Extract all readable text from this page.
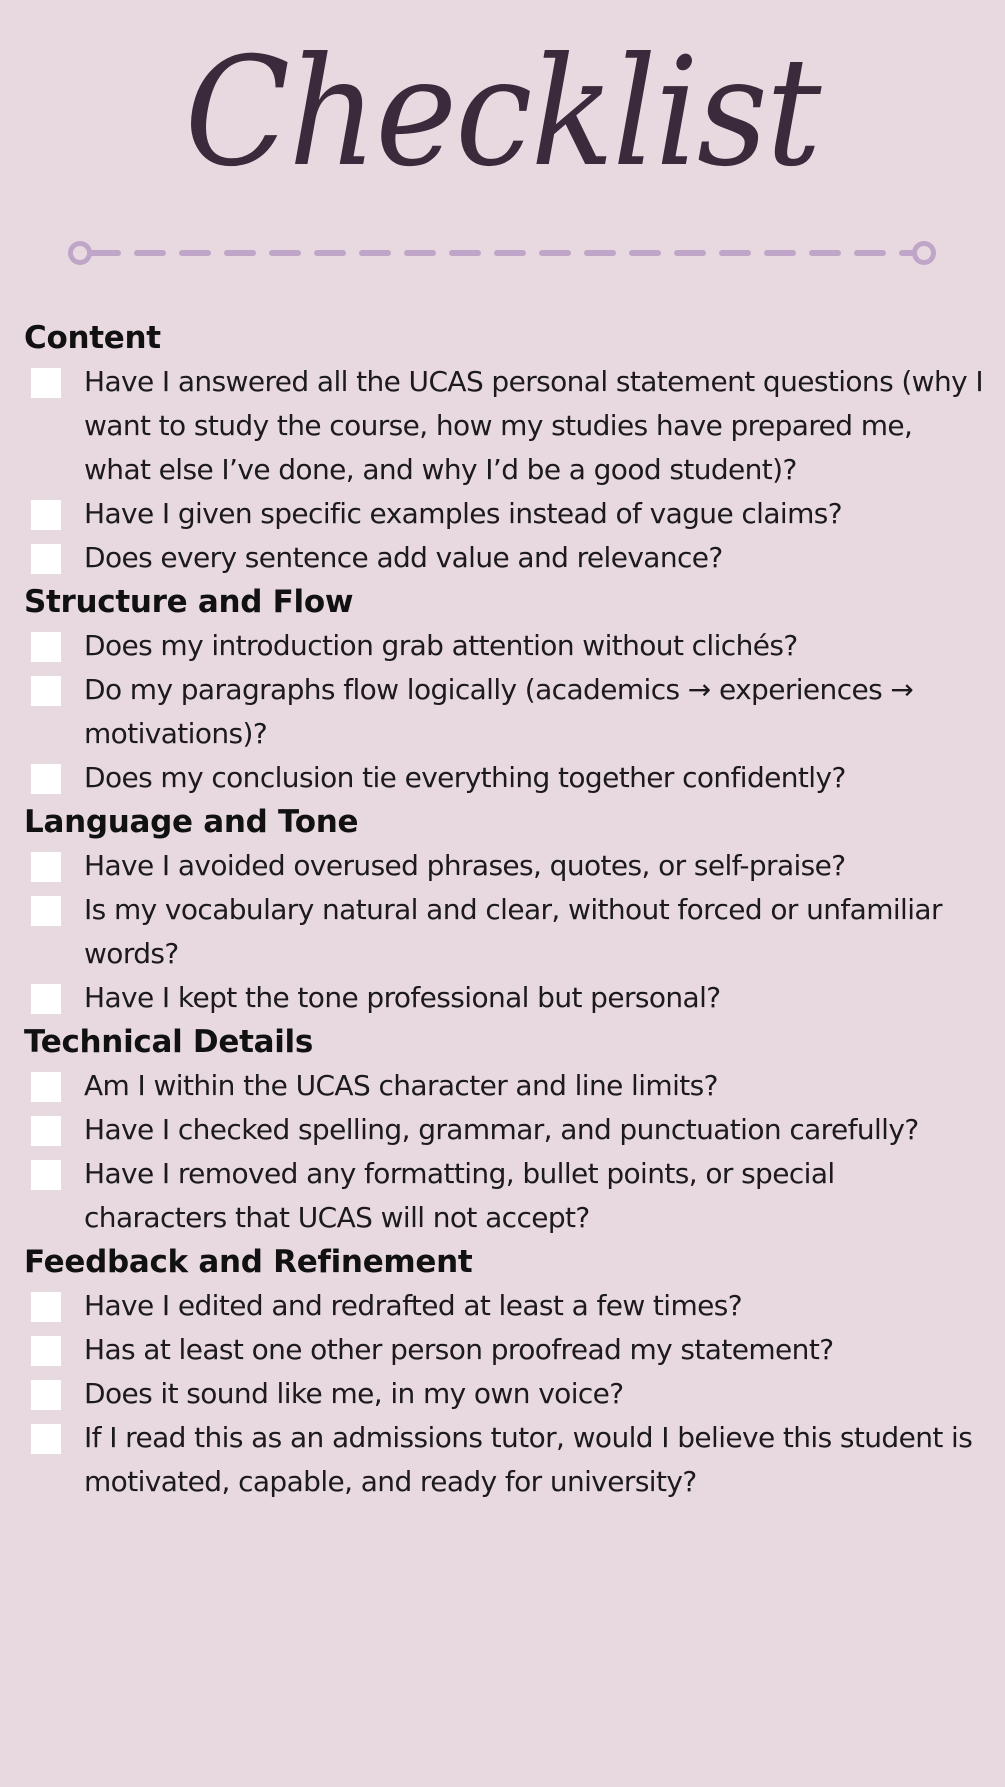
Checklist
Content
Have I answered all the UCAS personal statement questions (why I want to study the course, how my studies have prepared me, what else I’ve done, and why I’d be a good student)?
Have I given specific examples instead of vague claims?
Does every sentence add value and relevance?
Structure and Flow
Does my introduction grab attention without clichés?
Do my paragraphs flow logically (academics → experiences → motivations)?
Does my conclusion tie everything together confidently?
Language and Tone
Have I avoided overused phrases, quotes, or self-praise?
Is my vocabulary natural and clear, without forced or unfamiliar words?
Have I kept the tone professional but personal?
Technical Details
Am I within the UCAS character and line limits?
Have I checked spelling, grammar, and punctuation carefully?
Have I removed any formatting, bullet points, or special characters that UCAS will not accept?
Feedback and Refinement
Have I edited and redrafted at least a few times?
Has at least one other person proofread my statement?
Does it sound like me, in my own voice?
If I read this as an admissions tutor, would I believe this student is motivated, capable, and ready for university?
